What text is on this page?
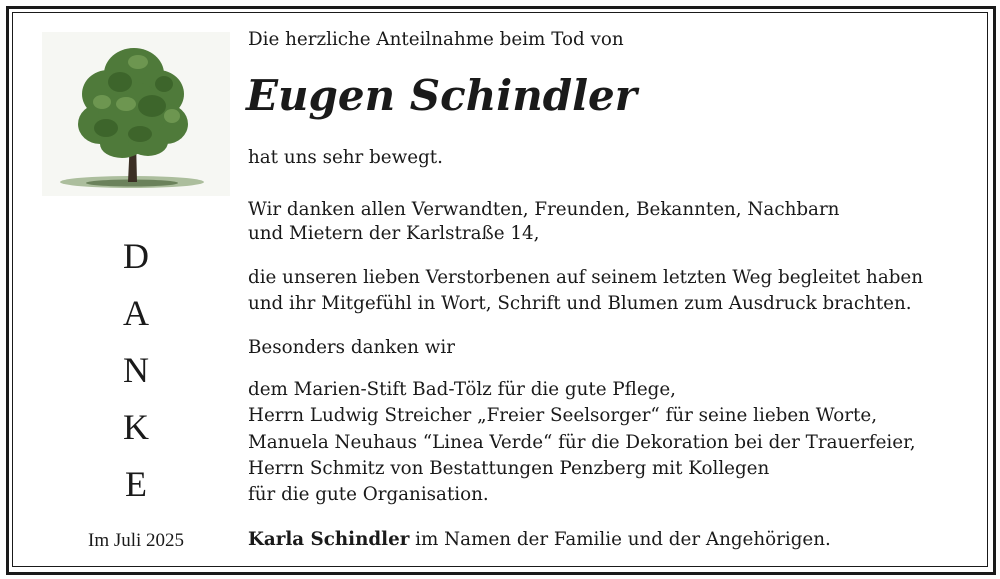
D
A
N
K
E
Im Juli 2025
Die herzliche Anteilnahme beim Tod von
Eugen Schindler
hat uns sehr bewegt.
Wir danken allen Verwandten, Freunden, Bekannten, Nachbarn
und Mietern der Karlstraße 14,
die unseren lieben Verstorbenen auf seinem letzten Weg begleitet haben
und ihr Mitgefühl in Wort, Schrift und Blumen zum Ausdruck brachten.
Besonders danken wir
dem Marien-Stift Bad-Tölz für die gute Pflege,
Herrn Ludwig Streicher „Freier Seelsorger“ für seine lieben Worte,
Manuela Neuhaus “Linea Verde“ für die Dekoration bei der Trauerfeier,
Herrn Schmitz von Bestattungen Penzberg mit Kollegen
für die gute Organisation.
Karla Schindler im Namen der Familie und der Angehörigen.
